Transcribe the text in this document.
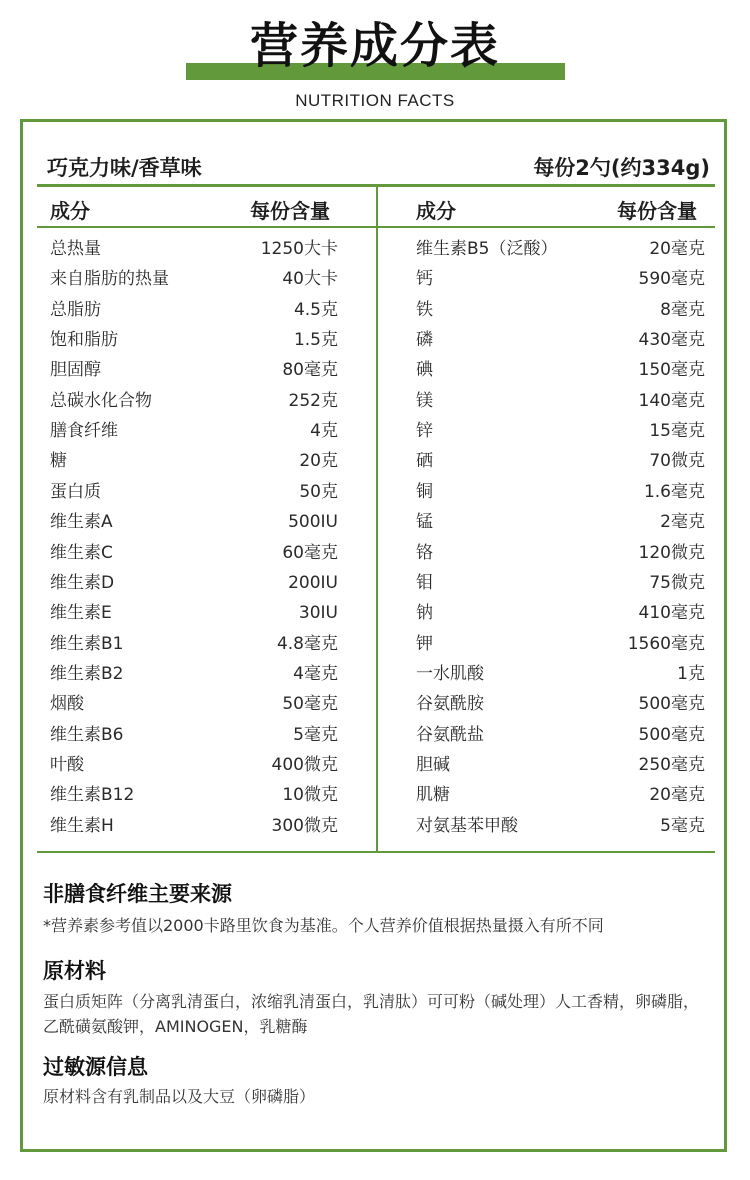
营养成分表
NUTRITION FACTS
巧克力味/香草味	每份2勺(约334g)
成分	每份含量	成分	每份含量
总热量	1250大卡
来自脂肪的热量	40大卡
总脂肪	4.5克
饱和脂肪	1.5克
胆固醇	80毫克
总碳水化合物	252克
膳食纤维	4克
糖	20克
蛋白质	50克
维生素A	500IU
维生素C	60毫克
维生素D	200IU
维生素E	30IU
维生素B1	4.8毫克
维生素B2	4毫克
烟酸	50毫克
维生素B6	5毫克
叶酸	400微克
维生素B12	10微克
维生素H	300微克
维生素B5（泛酸）	20毫克
钙	590毫克
铁	8毫克
磷	430毫克
碘	150毫克
镁	140毫克
锌	15毫克
硒	70微克
铜	1.6毫克
锰	2毫克
铬	120微克
钼	75微克
钠	410毫克
钾	1560毫克
一水肌酸	1克
谷氨酰胺	500毫克
谷氨酰盐	500毫克
胆碱	250毫克
肌糖	20毫克
对氨基苯甲酸	5毫克
非膳食纤维主要来源
*营养素参考值以2000卡路里饮食为基准。个人营养价值根据热量摄入有所不同
原材料
蛋白质矩阵（分离乳清蛋白，浓缩乳清蛋白，乳清肽）可可粉（碱处理）人工香精，卵磷脂，乙酰磺氨酸钾，AMINOGEN，乳糖酶
过敏源信息
原材料含有乳制品以及大豆（卵磷脂）
